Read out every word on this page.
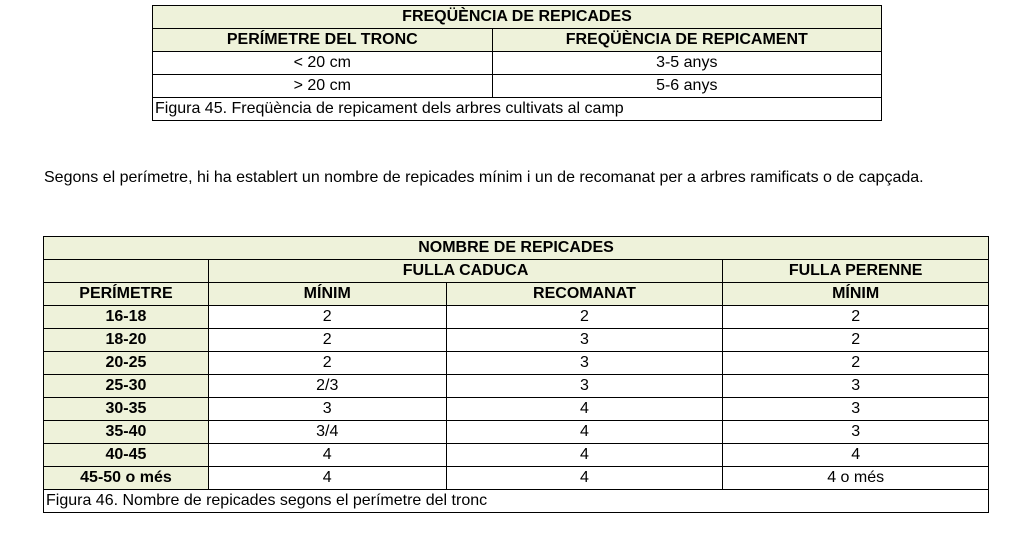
FREQÜÈNCIA DE REPICADES	
PERÍMETRE DEL TRONC	FREQÜÈNCIA DE REPICAMENT
< 20 cm	3-5 anys
> 20 cm	5-6 anys
Figura 45. Freqüència de repicament dels arbres cultivats al camp	

Segons el perímetre, hi ha establert un nombre de repicades mínim i un de recomanat per a arbres ramificats o de capçada.

NOMBRE DE REPICADES			
	FULLA CADUCA		FULLA PERENNE
PERÍMETRE	MÍNIM	RECOMANAT	MÍNIM
16-18	2	2	2
18-20	2	3	2
20-25	2	3	2
25-30	2/3	3	3
30-35	3	4	3
35-40	3/4	4	3
40-45	4	4	4
45-50 o més	4	4	4 o més
Figura 46. Nombre de repicades segons el perímetre del tronc			
